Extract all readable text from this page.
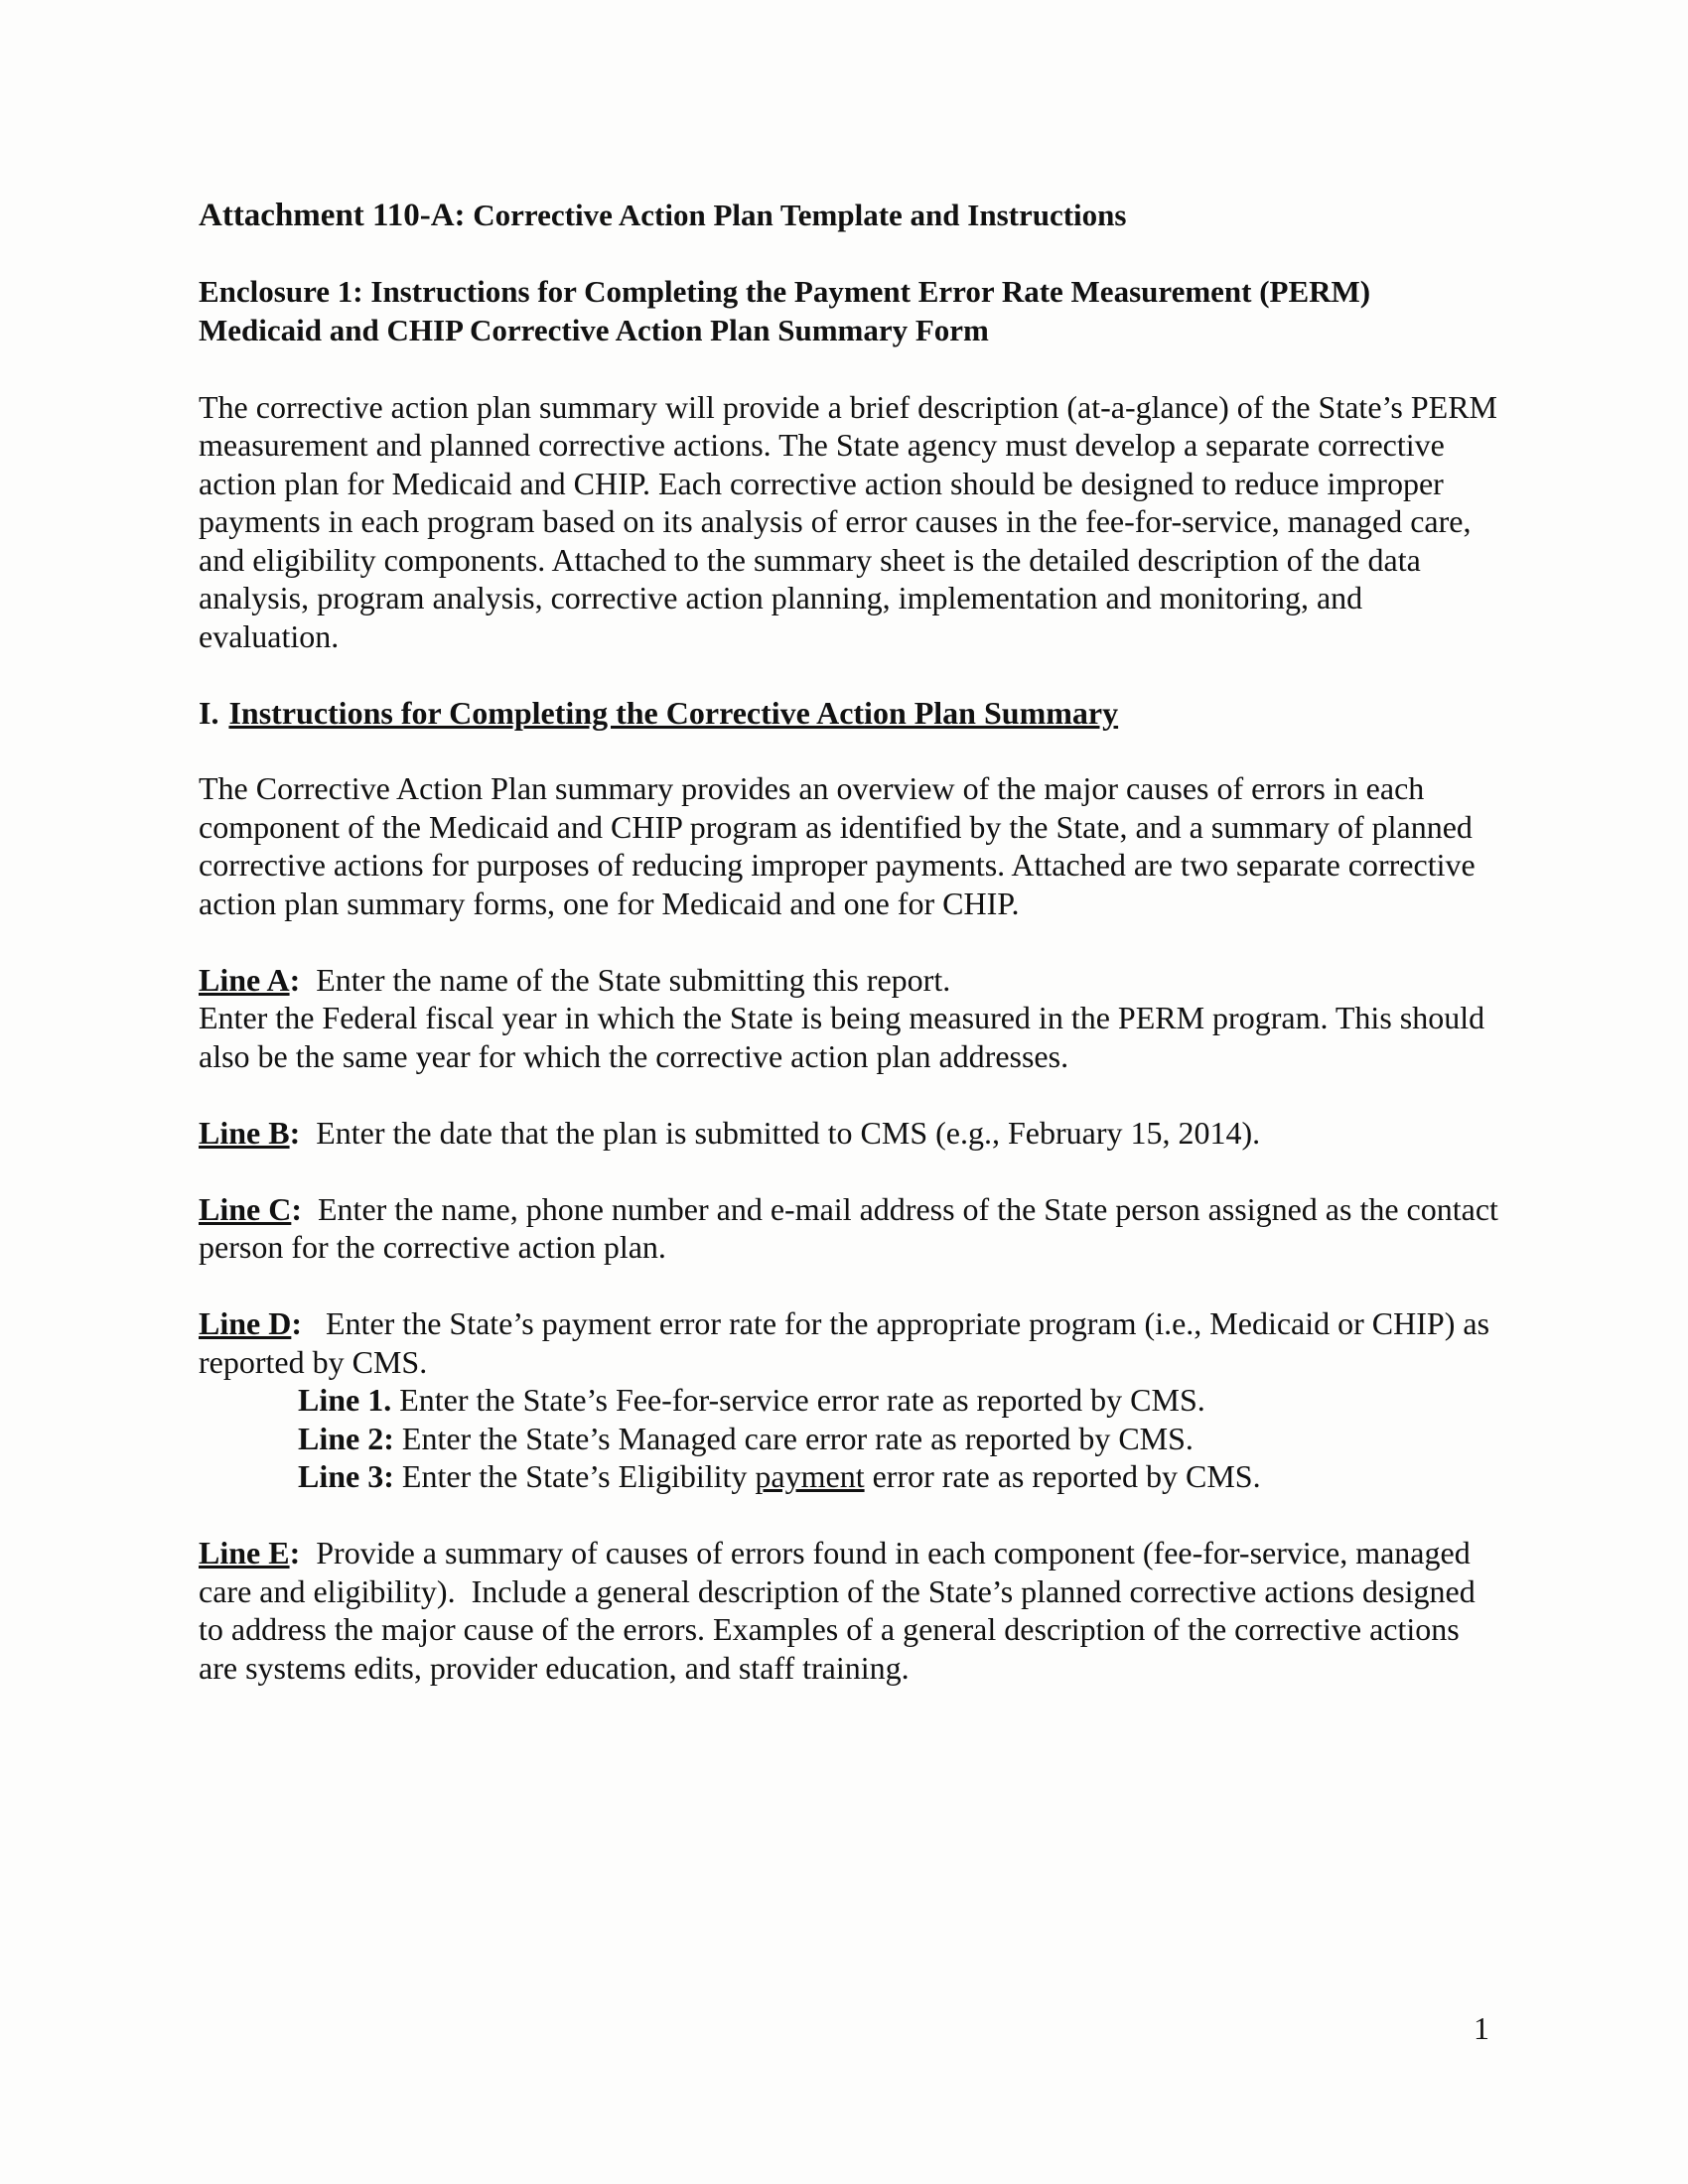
Attachment 110-A: Corrective Action Plan Template and Instructions
Enclosure 1: Instructions for Completing the Payment Error Rate Measurement (PERM)
Medicaid and CHIP Corrective Action Plan Summary Form

The corrective action plan summary will provide a brief description (at-a-glance) of the State’s PERM measurement and planned corrective actions. The State agency must develop a separate corrective action plan for Medicaid and CHIP. Each corrective action should be designed to reduce improper payments in each program based on its analysis of error causes in the fee-for-service, managed care, and eligibility components. Attached to the summary sheet is the detailed description of the data analysis, program analysis, corrective action planning, implementation and monitoring, and evaluation.

I. Instructions for Completing the Corrective Action Plan Summary

The Corrective Action Plan summary provides an overview of the major causes of errors in each component of the Medicaid and CHIP program as identified by the State, and a summary of planned corrective actions for purposes of reducing improper payments. Attached are two separate corrective action plan summary forms, one for Medicaid and one for CHIP.

Line A:  Enter the name of the State submitting this report.
Enter the Federal fiscal year in which the State is being measured in the PERM program. This should also be the same year for which the corrective action plan addresses.
Line B:  Enter the date that the plan is submitted to CMS (e.g., February 15, 2014).
Line C:  Enter the name, phone number and e-mail address of the State person assigned as the contact person for the corrective action plan.
Line D:   Enter the State’s payment error rate for the appropriate program (i.e., Medicaid or CHIP) as reported by CMS.
Line 1. Enter the State’s Fee-for-service error rate as reported by CMS.
Line 2: Enter the State’s Managed care error rate as reported by CMS.
Line 3: Enter the State’s Eligibility payment error rate as reported by CMS.
Line E:  Provide a summary of causes of errors found in each component (fee-for-service, managed care and eligibility).  Include a general description of the State’s planned corrective actions designed to address the major cause of the errors. Examples of a general description of the corrective actions are systems edits, provider education, and staff training.
1
